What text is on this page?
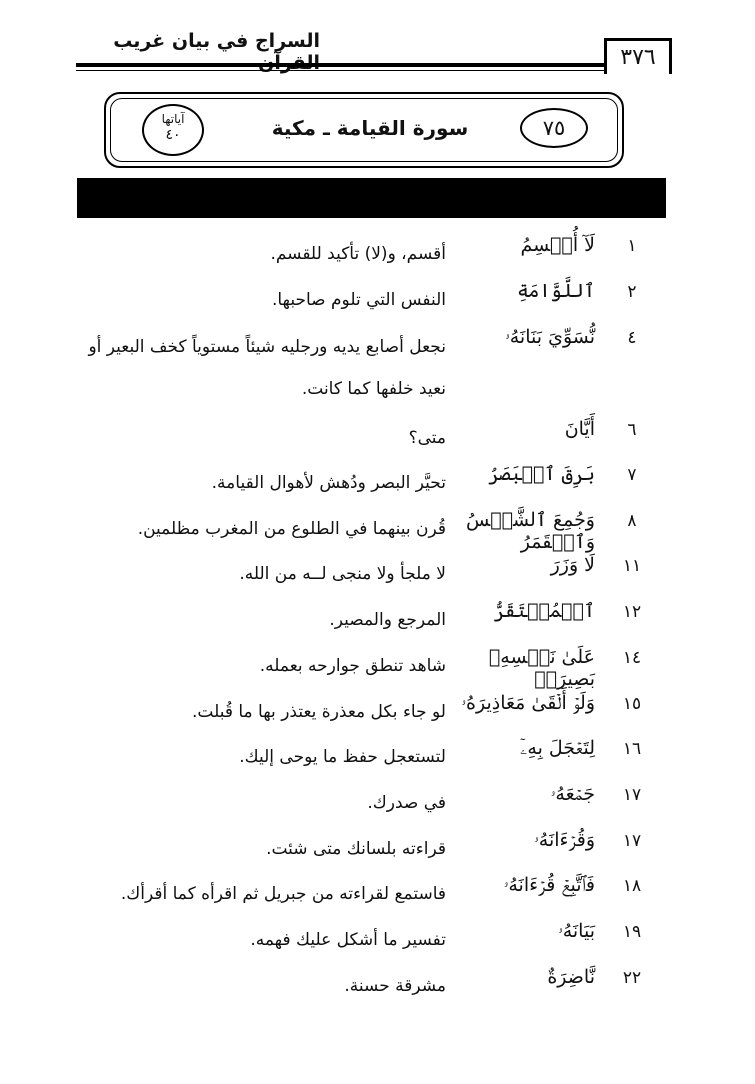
السراج في بيان غريب
٣٧٦
٧٥
سورة القيامة ـ مكية
آياتها
٤٠
١
لَآ أُقۡسِمُ
أقسم، و(لا) تأكيد للقسم.
٢
ٱللَّوَّامَةِ
النفس التي تلوم صاحبها.
٤
نُّسَوِّيَ بَنَانَهُۥ
نجعل أصابع يديه ورجليه شيئاً مستوياً كخف البعير أو نعيد خلفها كما كانت.
٦
أَيَّانَ
متى؟
٧
بَرِقَ ٱلۡبَصَرُ
تحيَّر البصر ودُهش لأهوال القيامة.
٨
وَجُمِعَ ٱلشَّمۡسُ وَٱلۡقَمَرُ
قُرن بينهما في الطلوع من المغرب مظلمين.
١١
لَا وَزَرَ
لا ملجأ ولا منجى لــه من الله.
١٢
ٱلۡمُسۡتَقَرُّ
المرجع والمصير.
١٤
عَلَىٰ نَفۡسِهِۦ بَصِيرَةٞ
شاهد تنطق جوارحه بعمله.
١٥
وَلَوۡ أَلۡقَىٰ مَعَاذِيرَهُۥ
لو جاء بكل معذرة يعتذر بها ما قُبلت.
١٦
لِتَعۡجَلَ بِهِۦٓ
لتستعجل حفظ ما يوحى إليك.
١٧
جَمۡعَهُۥ
في صدرك.
١٧
وَقُرۡءَانَهُۥ
قراءته بلسانك متى شئت.
١٨
فَٱتَّبِعۡ قُرۡءَانَهُۥ
فاستمع لقراءته من جبريل ثم اقرأه كما أقرأك.
١٩
بَيَانَهُۥ
تفسير ما أشكل عليك فهمه.
٢٢
نَّاضِرَةٌ
مشرقة حسنة.
